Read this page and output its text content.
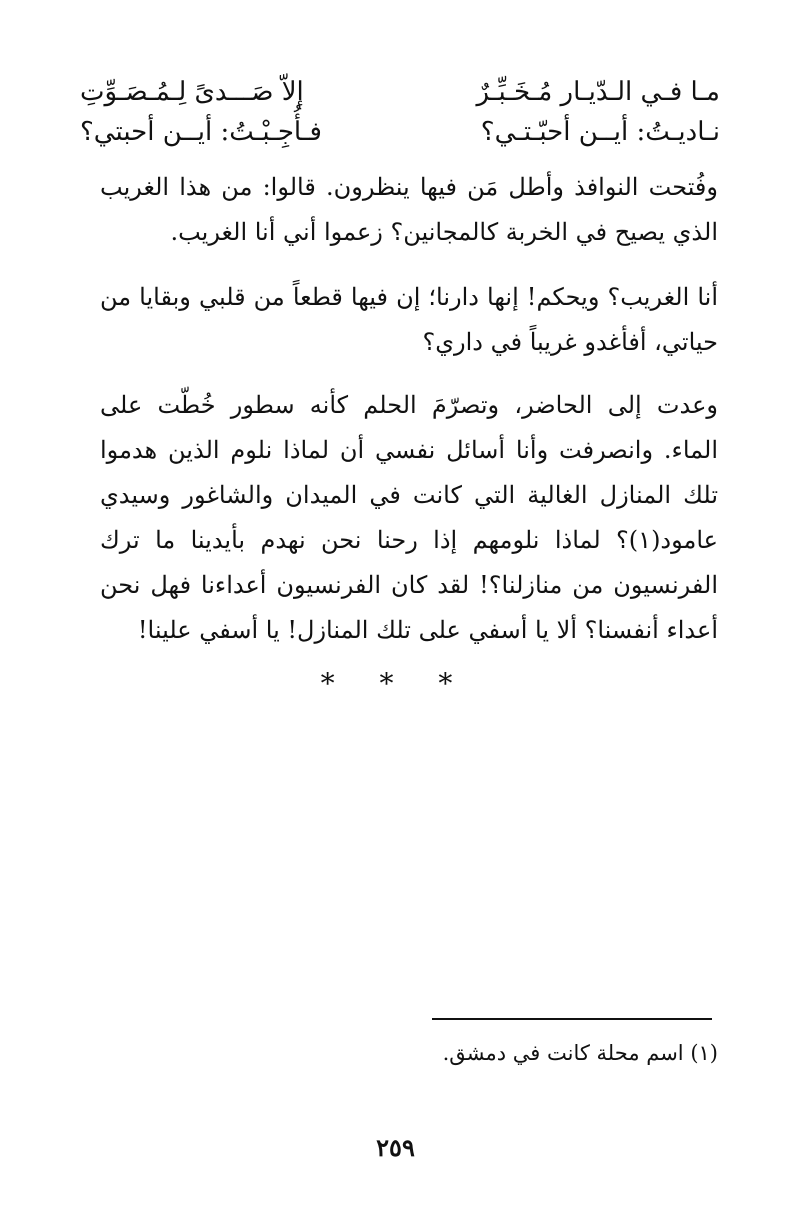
مـا فـي الـدّيـار مُـخَـبِّـرٌ
إلاّ صَـــدىً لِـمُـصَـوِّتِ
نـاديـتُ: أيــن أحبّـتـي؟
فـأُجِـبْـتُ: أيــن أحبتي؟

وفُتحت النوافذ وأطل مَن فيها ينظرون. قالوا: من هذا الغريب الذي يصيح في الخربة كالمجانين؟ زعموا أني أنا الغريب.

أنا الغريب؟ ويحكم! إنها دارنا؛ إن فيها قطعاً من قلبي وبقايا من حياتي، أفأغدو غريباً في داري؟

وعدت إلى الحاضر، وتصرّمَ الحلم كأنه سطور خُطّت على الماء. وانصرفت وأنا أسائل نفسي أن لماذا نلوم الذين هدموا تلك المنازل الغالية التي كانت في الميدان والشاغور وسيدي عامود(١)؟ لماذا نلومهم إذا رحنا نحن نهدم بأيدينا ما ترك الفرنسيون من منازلنا؟! لقد كان الفرنسيون أعداءنا فهل نحن أعداء أنفسنا؟ ألا يا أسفي على تلك المنازل! يا أسفي علينا!

* * *
(١) اسم محلة كانت في دمشق.
٢٥٩
